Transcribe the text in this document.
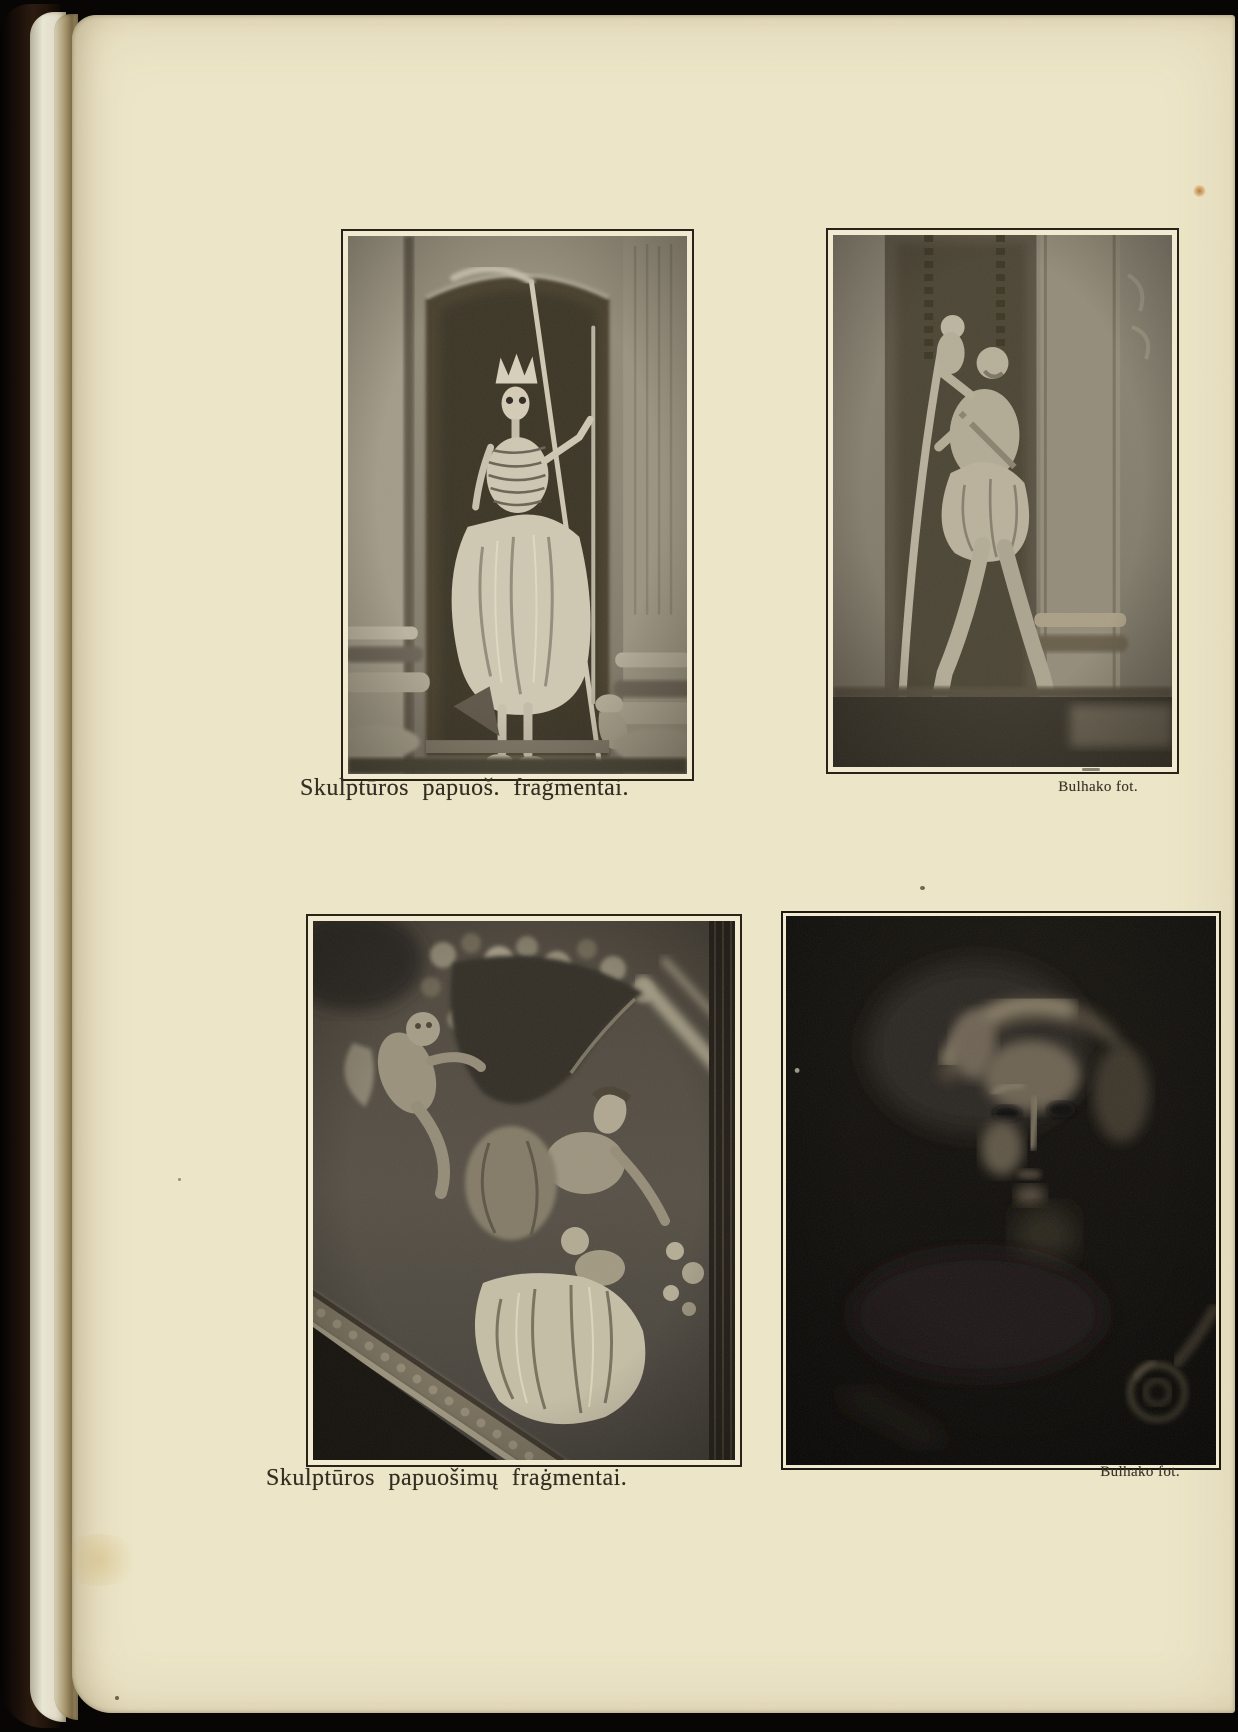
Skulptūros papuoš. fraġmentai.	Bulhako fot.
Skulptūros papuošimų fraġmentai.	Bulhako fot.
